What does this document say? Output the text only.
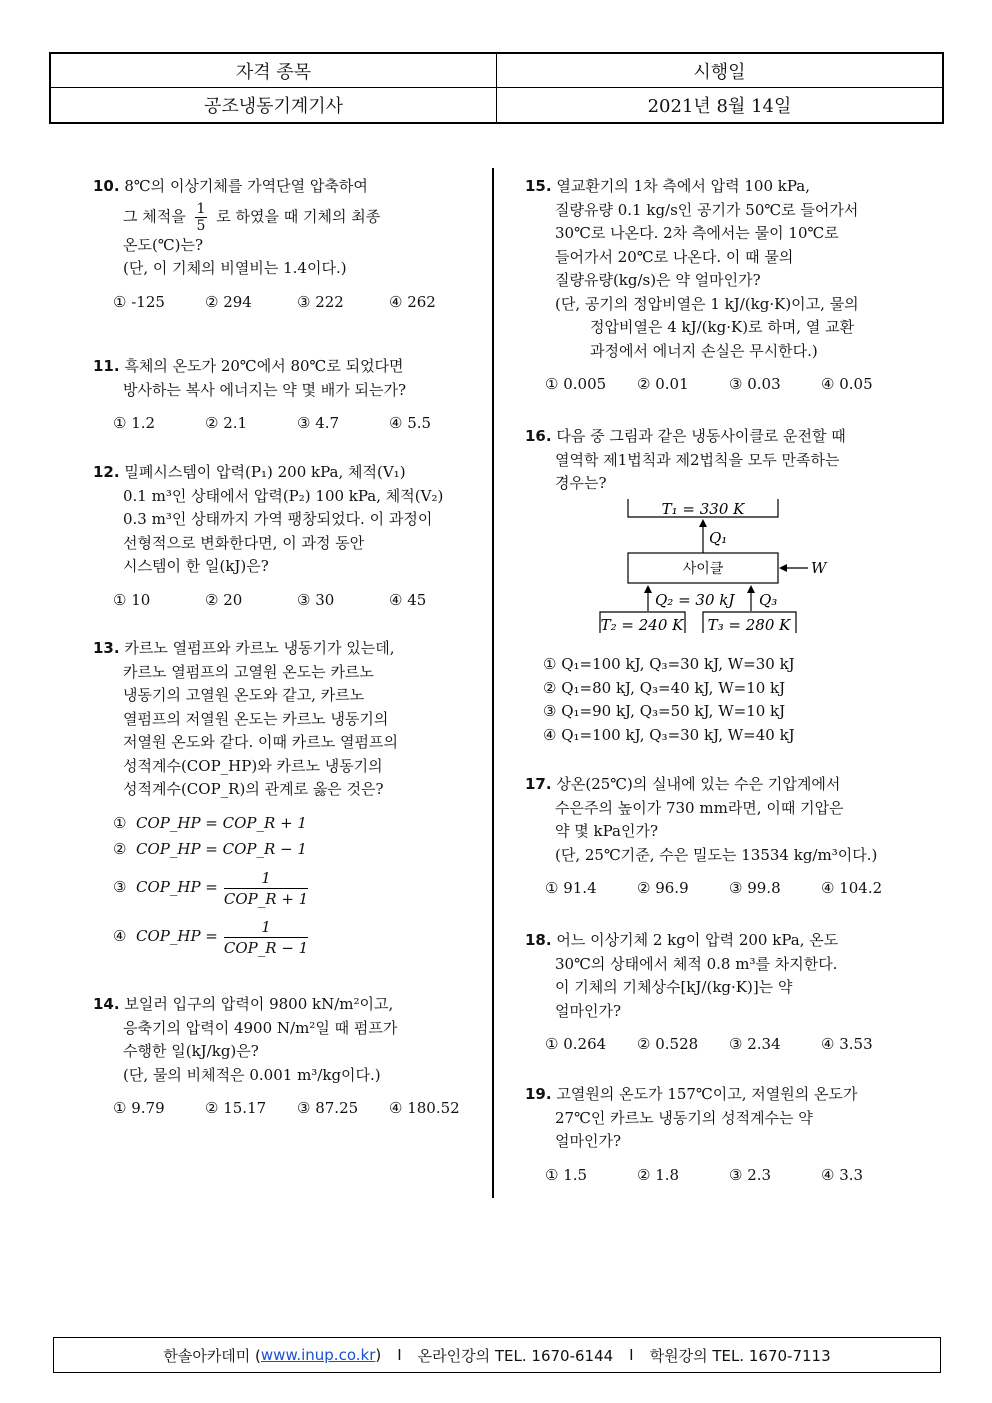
자격 종목	시행일
공조냉동기계기사	2021년 8월 14일
10. 8℃의 이상기체를 가역단열 압축하여
그 체적을 $\frac{1}{5}$ 로 하였을 때 기체의 최종
온도(℃)는?
(단, 이 기체의 비열비는 1.4이다.)
① -125	② 294	③ 222	④ 262
11. 흑체의 온도가 20℃에서 80℃로 되었다면
방사하는 복사 에너지는 약 몇 배가 되는가?
① 1.2	② 2.1	③ 4.7	④ 5.5
12. 밀폐시스템이 압력(P₁) 200 kPa, 체적(V₁)
0.1 m³인 상태에서 압력(P₂) 100 kPa, 체적(V₂)
0.3 m³인 상태까지 가역 팽창되었다. 이 과정이
선형적으로 변화한다면, 이 과정 동안
시스템이 한 일(kJ)은?
① 10	② 20	③ 30	④ 45
13. 카르노 열펌프와 카르노 냉동기가 있는데,
카르노 열펌프의 고열원 온도는 카르노
냉동기의 고열원 온도와 같고, 카르노
열펌프의 저열원 온도는 카르노 냉동기의
저열원 온도와 같다. 이때 카르노 열펌프의
성적계수(COP_HP)와 카르노 냉동기의
성적계수(COP_R)의 관계로 옳은 것은?
①
COP_HP = COP_R + 1
②
COP_HP = COP_R − 1
③
COP_HP = $\frac{1}{\text{COP\_R + 1}}$
④
COP_HP = $\frac{1}{\text{COP\_R − 1}}$
14. 보일러 입구의 압력이 9800 kN/m²이고,
응축기의 압력이 4900 N/m²일 때 펌프가
수행한 일(kJ/kg)은?
(단, 물의 비체적은 0.001 m³/kg이다.)
① 9.79	② 15.17	③ 87.25	④ 180.52
15. 열교환기의 1차 측에서 압력 100 kPa,
질량유량 0.1 kg/s인 공기가 50℃로 들어가서
30℃로 나온다. 2차 측에서는 물이 10℃로
들어가서 20℃로 나온다. 이 때 물의
질량유량(kg/s)은 약 얼마인가?
(단, 공기의 정압비열은 1 kJ/(kg·K)이고, 물의
정압비열은 4 kJ/(kg·K)로 하며, 열 교환
과정에서 에너지 손실은 무시한다.)
① 0.005	② 0.01	③ 0.03	④ 0.05
16. 다음 중 그림과 같은 냉동사이클로 운전할 때
열역학 제1법칙과 제2법칙을 모두 만족하는
경우는?
T₁ = 330 K
Q₁
사이클	W
Q₂ = 30 kJ Q₃
T₂ = 240 K T₃ = 280 K
① Q₁=100 kJ, Q₃=30 kJ, W=30 kJ
② Q₁=80 kJ, Q₃=40 kJ, W=10 kJ
③ Q₁=90 kJ, Q₃=50 kJ, W=10 kJ
④ Q₁=100 kJ, Q₃=30 kJ, W=40 kJ
17. 상온(25℃)의 실내에 있는 수은 기압계에서
수은주의 높이가 730 mm라면, 이때 기압은
약 몇 kPa인가?
(단, 25℃기준, 수은 밀도는 13534 kg/m³이다.)
① 91.4	② 96.9	③ 99.8	④ 104.2
18. 어느 이상기체 2 kg이 압력 200 kPa, 온도
30℃의 상태에서 체적 0.8 m³를 차지한다.
이 기체의 기체상수[kJ/(kg·K)]는 약
얼마인가?
① 0.264	② 0.528	③ 2.34	④ 3.53
19. 고열원의 온도가 157℃이고, 저열원의 온도가
27℃인 카르노 냉동기의 성적계수는 약
얼마인가?
① 1.5	② 1.8	③ 2.3	④ 3.3
한솔아카데미 ( www.inup.co.kr ) I 온라인강의 TEL. 1670-6144 I 학원강의 TEL. 1670-7113
